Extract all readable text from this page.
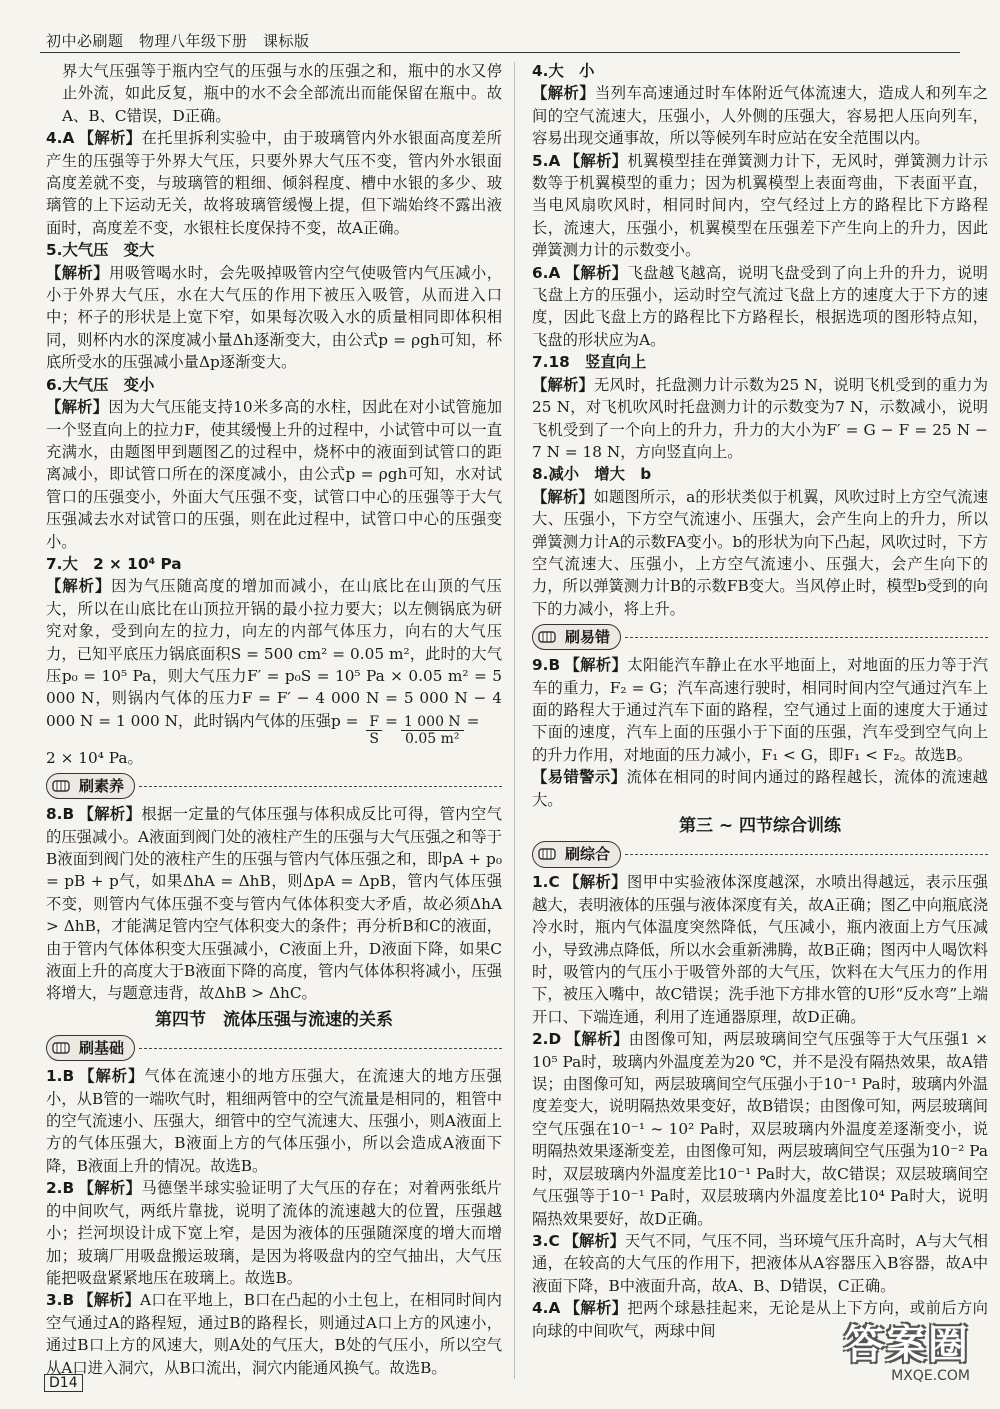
初中必刷题　物理八年级下册　课标版

界大气压强等于瓶内空气的压强与水的压强之和，瓶中的水又停止外流，如此反复，瓶中的水不会全部流出而能保留在瓶中。故A、B、C错误，D正确。

4.A 【解析】在托里拆利实验中，由于玻璃管内外水银面高度差所产生的压强等于外界大气压，只要外界大气压不变，管内外水银面高度差就不变，与玻璃管的粗细、倾斜程度、槽中水银的多少、玻璃管的上下运动无关，故将玻璃管缓慢上提，但下端始终不露出液面时，高度差不变，水银柱长度保持不变，故A正确。

5.大气压　变大
【解析】用吸管喝水时，会先吸掉吸管内空气使吸管内气压减小，小于外界大气压，水在大气压的作用下被压入吸管，从而进入口中；杯子的形状是上宽下窄，如果每次吸入水的质量相同即体积相同，则杯内水的深度减小量Δh逐渐变大，由公式p = ρgh可知，杯底所受水的压强减小量Δp逐渐变大。

6.大气压　变小
【解析】因为大气压能支持10米多高的水柱，因此在对小试管施加一个竖直向上的拉力F，使其缓慢上升的过程中，小试管中可以一直充满水，由题图甲到题图乙的过程中，烧杯中的液面到试管口的距离减小，即试管口所在的深度减小，由公式p = ρgh可知，水对试管口的压强变小，外面大气压强不变，试管口中心的压强等于大气压强减去水对试管口的压强，则在此过程中，试管口中心的压强变小。

7.大　2 × 10⁴ Pa
【解析】因为气压随高度的增加而减小，在山底比在山顶的气压大，所以在山底比在山顶拉开锅的最小拉力要大；以左侧锅底为研究对象，受到向左的拉力，向左的内部气体压力，向右的大气压力，已知平底压力锅底面积S = 500 cm² = 0.05 m²，此时的大气压p₀ = 10⁵ Pa，则大气压力F′ = p₀S = 10⁵ Pa × 0.05 m² = 5 000 N，则锅内气体的压力F = F′ − 4 000 N = 5 000 N − 4 000 N = 1 000 N，此时锅内气体的压强$p = \frac{F}{S} = \frac{1 000 N}{\text{0.05 m²}}$ =
2 × 10⁴ Pa。

刷素养

8.B 【解析】根据一定量的气体压强与体积成反比可得，管内空气的压强减小。A液面到阀门处的液柱产生的压强与大气压强之和等于B液面到阀门处的液柱产生的压强与管内气体压强之和，即pA + p₀ = pB + p气，如果ΔhA = ΔhB，则ΔpA = ΔpB，管内气体压强不变，则管内气体压强不变与管内气体体积变大矛盾，故必须ΔhA > ΔhB，才能满足管内空气体积变大的条件；再分析B和C的液面，由于管内气体体积变大压强减小，C液面上升，D液面下降，如果C液面上升的高度大于B液面下降的高度，管内气体体积将减小，压强将增大，与题意违背，故ΔhB > ΔhC。

第四节　流体压强与流速的关系
刷基础

1.B 【解析】气体在流速小的地方压强大，在流速大的地方压强小，从B管的一端吹气时，粗细两管中的空气流量是相同的，粗管中的空气流速小、压强大，细管中的空气流速大、压强小，则A液面上方的气体压强大，B液面上方的气体压强小，所以会造成A液面下降，B液面上升的情况。故选B。

2.B 【解析】马德堡半球实验证明了大气压的存在；对着两张纸片的中间吹气，两纸片靠拢，说明了流体的流速越大的位置，压强越小；拦河坝设计成下宽上窄，是因为液体的压强随深度的增大而增加；玻璃厂用吸盘搬运玻璃，是因为将吸盘内的空气抽出，大气压能把吸盘紧紧地压在玻璃上。故选B。

3.B 【解析】A口在平地上，B口在凸起的小土包上，在相同时间内空气通过A的路程短，通过B的路程长，则通过A口上方的风速小，通过B口上方的风速大，则A处的气压大，B处的气压小，所以空气从A口进入洞穴，从B口流出，洞穴内能通风换气。故选B。

4.大　小
【解析】当列车高速通过时车体附近气体流速大，造成人和列车之间的空气流速大，压强小，人外侧的压强大，容易把人压向列车，容易出现交通事故，所以等候列车时应站在安全范围以内。

5.A 【解析】机翼模型挂在弹簧测力计下，无风时，弹簧测力计示数等于机翼模型的重力；因为机翼模型上表面弯曲，下表面平直，当电风扇吹风时，相同时间内，空气经过上方的路程比下方路程长，流速大，压强小，机翼模型在压强差下产生向上的升力，因此弹簧测力计的示数变小。

6.A 【解析】飞盘越飞越高，说明飞盘受到了向上升的升力，说明飞盘上方的压强小，运动时空气流过飞盘上方的速度大于下方的速度，因此飞盘上方的路程比下方路程长，根据选项的图形特点知，飞盘的形状应为A。

7.18　竖直向上
【解析】无风时，托盘测力计示数为25 N，说明飞机受到的重力为25 N，对飞机吹风时托盘测力计的示数变为7 N，示数减小，说明飞机受到了一个向上的升力，升力的大小为F′ = G − F = 25 N − 7 N = 18 N，方向竖直向上。

8.减小　增大　b
【解析】如题图所示，a的形状类似于机翼，风吹过时上方空气流速大、压强小，下方空气流速小、压强大，会产生向上的升力，所以弹簧测力计A的示数FA变小。b的形状为向下凸起，风吹过时，下方空气流速大、压强小，上方空气流速小、压强大，会产生向下的力，所以弹簧测力计B的示数FB变大。当风停止时，模型b受到的向下的力减小，将上升。

刷易错

9.B 【解析】太阳能汽车静止在水平地面上，对地面的压力等于汽车的重力，F₂ = G；汽车高速行驶时，相同时间内空气通过汽车上面的路程大于通过汽车下面的路程，空气通过上面的速度大于通过下面的速度，汽车上面的压强小于下面的压强，汽车受到空气向上的升力作用，对地面的压力减小，F₁ < G，即F₁ < F₂。故选B。

【易错警示】流体在相同的时间内通过的路程越长，流体的流速越大。

第三 ~ 四节综合训练
刷综合

1.C 【解析】图甲中实验液体深度越深，水喷出得越远，表示压强越大，表明液体的压强与液体深度有关，故A正确；图乙中向瓶底浇冷水时，瓶内气体温度突然降低，气压减小，瓶内液面上方气压减小，导致沸点降低，所以水会重新沸腾，故B正确；图丙中人喝饮料时，吸管内的气压小于吸管外部的大气压，饮料在大气压力的作用下，被压入嘴中，故C错误；洗手池下方排水管的U形“反水弯”上端开口、下端连通，利用了连通器原理，故D正确。

2.D 【解析】由图像可知，两层玻璃间空气压强等于大气压强1 × 10⁵ Pa时，玻璃内外温度差为20 ℃，并不是没有隔热效果，故A错误；由图像可知，两层玻璃间空气压强小于10⁻¹ Pa时，玻璃内外温度差变大，说明隔热效果变好，故B错误；由图像可知，两层玻璃间空气压强在10⁻¹ ~ 10² Pa时，双层玻璃内外温度差逐渐变小，说明隔热效果逐渐变差，由图像可知，两层玻璃间空气压强为10⁻² Pa时，双层玻璃内外温度差比10⁻¹ Pa时大，故C错误；双层玻璃间空气压强等于10⁻¹ Pa时，双层玻璃内外温度差比10⁴ Pa时大，说明隔热效果要好，故D正确。

3.C 【解析】天气不同，气压不同，当环境气压升高时，A与大气相通，在较高的大气压的作用下，把液体从A容器压入B容器，故A中液面下降，B中液面升高，故A、B、D错误，C正确。

4.A 【解析】把两个球悬挂起来，无论是从上下方向，或前后方向向球的中间吹气，两球中间

D14
答案圈
MXQE.COM
